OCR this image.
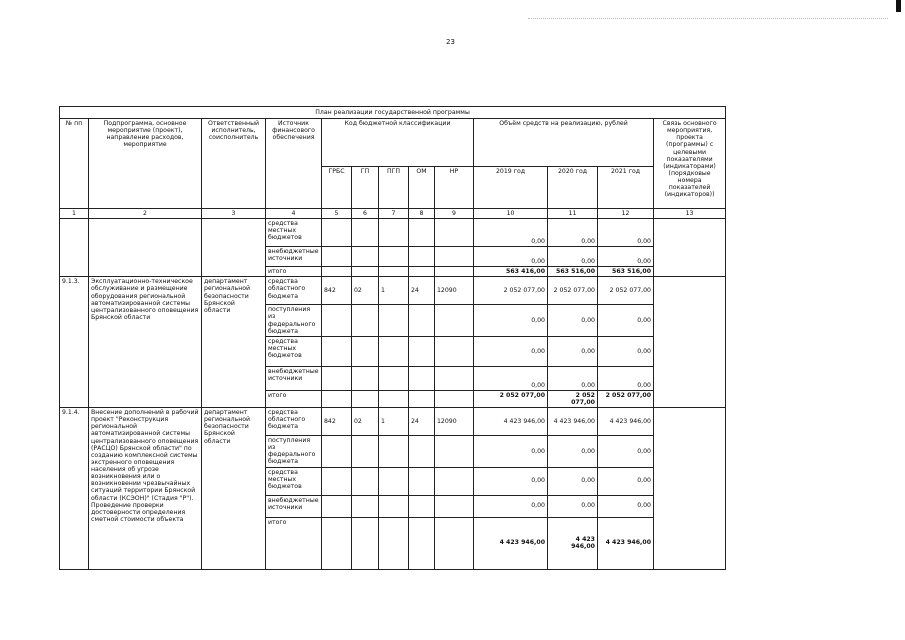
23
План реализации государственной программы												
№ пп	Подпрограмма, основное мероприятие (проект), направление расходов, мероприятие	Ответственный исполнитель, соисполнитель	Источник финансового обеспечения	Код бюджетной классификации					Объём средств на реализацию, рублей			Связь основного мероприятия, проекта (программы) с целевыми показателями (индикаторами) (порядковые номера показателей (индикаторов))
				ГРБС	ГП	ПГП	ОМ	НР	2019 год	2020 год	2021 год	
1	2	3	4	5	6	7	8	9	10	11	12	13
			средства местных бюджетов						0,00	0,00	0,00	
			внебюджетные источники						0,00	0,00	0,00	
			итого						563 416,00	563 516,00	563 516,00	
9.1.3.	Эксплуатационно-техническое обслуживание и размещение оборудования региональной автоматизированной системы централизованного оповещения Брянской области	департамент региональной безопасности Брянской области	средства областного бюджета	842	02	1	24	12090	2 052 077,00	2 052 077,00	2 052 077,00	
			поступления из федерального бюджета						0,00	0,00	0,00	
			средства местных бюджетов						0,00	0,00	0,00	
			внебюджетные источники						0,00	0,00	0,00	
			итого						2 052 077,00	2 052 077,00	2 052 077,00	
9.1.4.	Внесение дополнений в рабочий проект "Реконструкция региональной автоматизированной системы централизованного оповещения (РАСЦО) Брянской области" по созданию комплексной системы экстренного оповещения населения об угрозе возникновения или о возникновении чрезвычайных ситуаций территории Брянской области (КСЭОН)" (Стадия "Р"). Проведение проверки достоверности определения сметной стоимости объекта	департамент региональной безопасности Брянской области	средства областного бюджета	842	02	1	24	12090	4 423 946,00	4 423 946,00	4 423 946,00	
			поступления из федерального бюджета						0,00	0,00	0,00	
			средства местных бюджетов						0,00	0,00	0,00	
			внебюджетные источники						0,00	0,00	0,00	
			итого						4 423 946,00	4 423 946,00	4 423 946,00	
